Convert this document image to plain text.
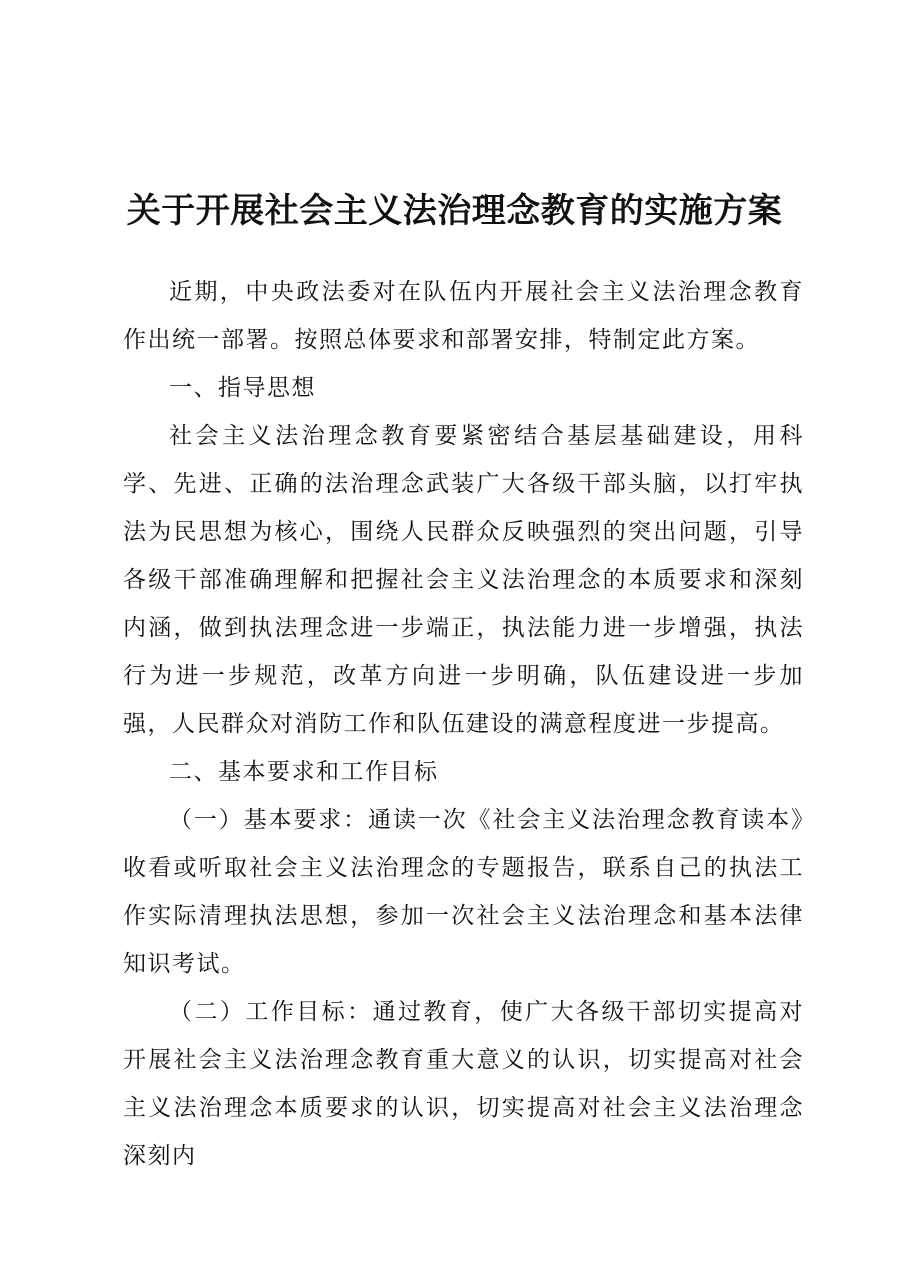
关于开展社会主义法治理念教育的实施方案

近期，中央政法委对在队伍内开展社会主义法治理念教育作出统一部署。按照总体要求和部署安排，特制定此方案。

一、指导思想

社会主义法治理念教育要紧密结合基层基础建设，用科学、先进、正确的法治理念武装广大各级干部头脑，以打牢执法为民思想为核心，围绕人民群众反映强烈的突出问题，引导各级干部准确理解和把握社会主义法治理念的本质要求和深刻内涵，做到执法理念进一步端正，执法能力进一步增强，执法行为进一步规范，改革方向进一步明确，队伍建设进一步加强，人民群众对消防工作和队伍建设的满意程度进一步提高。

二、基本要求和工作目标

（一）基本要求：通读一次《社会主义法治理念教育读本》收看或听取社会主义法治理念的专题报告，联系自己的执法工作实际清理执法思想，参加一次社会主义法治理念和基本法律知识考试。

（二）工作目标：通过教育，使广大各级干部切实提高对开展社会主义法治理念教育重大意义的认识，切实提高对社会主义法治理念本质要求的认识，切实提高对社会主义法治理念深刻内
